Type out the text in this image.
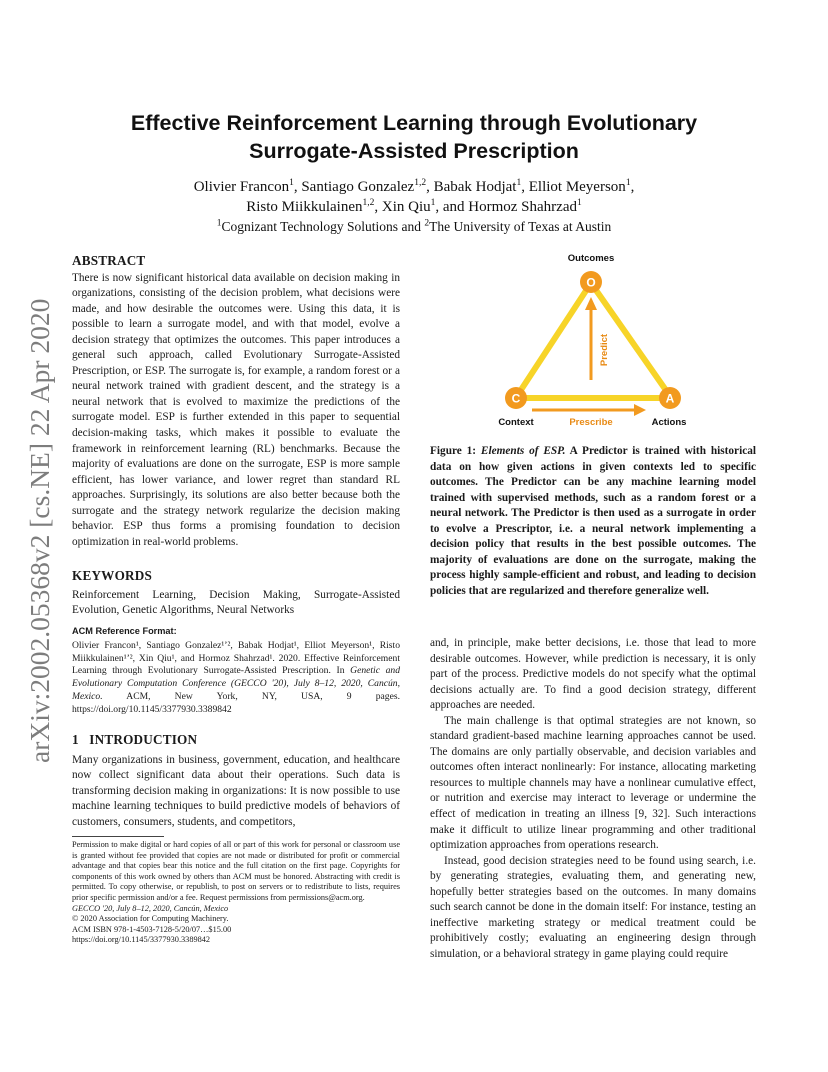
arXiv:2002.05368v2 [cs.NE] 22 Apr 2020
Effective Reinforcement Learning through Evolutionary
Surrogate-Assisted Prescription
Olivier Francon$^1$, Santiago Gonzalez$^{1,2}$, Babak Hodjat$^1$, Elliot Meyerson$^1$,
Risto Miikkulainen$^{1,2}$, Xin Qiu$^1$, and Hormoz Shahrzad$^1$
$^1$Cognizant Technology Solutions and $^2$The University of Texas at Austin
ABSTRACT

There is now significant historical data available on decision making in organizations, consisting of the decision problem, what decisions were made, and how desirable the outcomes were. Using this data, it is possible to learn a surrogate model, and with that model, evolve a decision strategy that optimizes the outcomes. This paper introduces a general such approach, called Evolutionary Surrogate-Assisted Prescription, or ESP. The surrogate is, for example, a random forest or a neural network trained with gradient descent, and the strategy is a neural network that is evolved to maximize the predictions of the surrogate model. ESP is further extended in this paper to sequential decision-making tasks, which makes it possible to evaluate the framework in reinforcement learning (RL) benchmarks. Because the majority of evaluations are done on the surrogate, ESP is more sample efficient, has lower variance, and lower regret than standard RL approaches. Surprisingly, its solutions are also better because both the surrogate and the strategy network regularize the decision making behavior. ESP thus forms a promising foundation to decision optimization in real-world problems.

KEYWORDS

Reinforcement Learning, Decision Making, Surrogate-Assisted Evolution, Genetic Algorithms, Neural Networks

ACM Reference Format:

Olivier Francon¹, Santiago Gonzalez¹ʼ², Babak Hodjat¹, Elliot Meyerson¹, Risto Miikkulainen¹ʼ², Xin Qiu¹, and Hormoz Shahrzad¹. 2020. Effective Reinforcement Learning through Evolutionary Surrogate-Assisted Prescription. In Genetic and Evolutionary Computation Conference (GECCO '20), July 8–12, 2020, Cancún, Mexico. ACM, New York, NY, USA, 9 pages. https://doi.org/10.1145/3377930.3389842

1 INTRODUCTION

Many organizations in business, government, education, and healthcare now collect significant data about their operations. Such data is transforming decision making in organizations: It is now possible to use machine learning techniques to build predictive models of behaviors of customers, consumers, students, and competitors,

Permission to make digital or hard copies of all or part of this work for personal or classroom use is granted without fee provided that copies are not made or distributed for profit or commercial advantage and that copies bear this notice and the full citation on the first page. Copyrights for components of this work owned by others than ACM must be honored. Abstracting with credit is permitted. To copy otherwise, or republish, to post on servers or to redistribute to lists, requires prior specific permission and/or a fee. Request permissions from permissions@acm.org.

GECCO '20, July 8–12, 2020, Cancún, Mexico

© 2020 Association for Computing Machinery.

ACM ISBN 978-1-4503-7128-5/20/07…$15.00

https://doi.org/10.1145/3377930.3389842

Predict
Prescribe
O
C	A
Outcomes
Context	Actions
Figure 1: Elements of ESP. A Predictor is trained with historical data on how given actions in given contexts led to specific outcomes. The Predictor can be any machine learning model trained with supervised methods, such as a random forest or a neural network. The Predictor is then used as a surrogate in order to evolve a Prescriptor, i.e. a neural network implementing a decision policy that results in the best possible outcomes. The majority of evaluations are done on the surrogate, making the process highly sample-efficient and robust, and leading to decision policies that are regularized and therefore generalize well.

and, in principle, make better decisions, i.e. those that lead to more desirable outcomes. However, while prediction is necessary, it is only part of the process. Predictive models do not specify what the optimal decisions actually are. To find a good decision strategy, different approaches are needed.

The main challenge is that optimal strategies are not known, so standard gradient-based machine learning approaches cannot be used. The domains are only partially observable, and decision variables and outcomes often interact nonlinearly: For instance, allocating marketing resources to multiple channels may have a nonlinear cumulative effect, or nutrition and exercise may interact to leverage or undermine the effect of medication in treating an illness [9, 32]. Such interactions make it difficult to utilize linear programming and other traditional optimization approaches from operations research.

Instead, good decision strategies need to be found using search, i.e. by generating strategies, evaluating them, and generating new, hopefully better strategies based on the outcomes. In many domains such search cannot be done in the domain itself: For instance, testing an ineffective marketing strategy or medical treatment could be prohibitively costly; evaluating an engineering design through simulation, or a behavioral strategy in game playing could require
